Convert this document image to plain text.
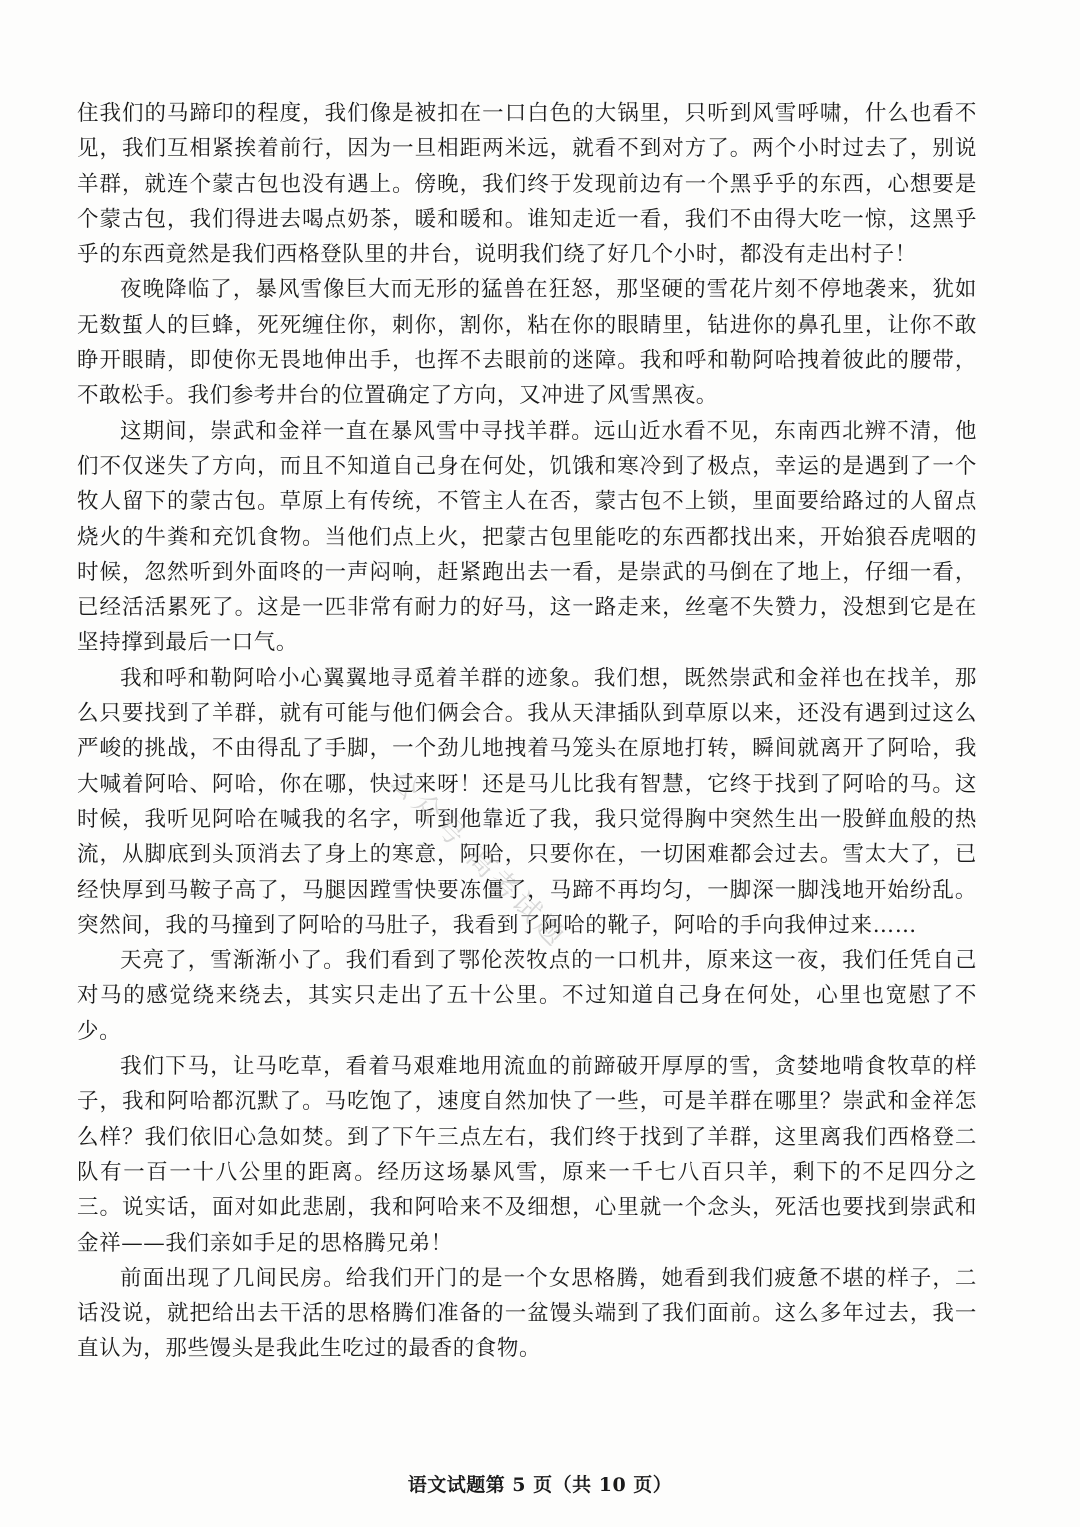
住我们的马蹄印的程度，我们像是被扣在一口白色的大锅里，只听到风雪呼啸，什么也看不见，我们互相紧挨着前行，因为一旦相距两米远，就看不到对方了。两个小时过去了，别说羊群，就连个蒙古包也没有遇上。傍晚，我们终于发现前边有一个黑乎乎的东西，心想要是个蒙古包，我们得进去喝点奶茶，暖和暖和。谁知走近一看，我们不由得大吃一惊，这黑乎乎的东西竟然是我们西格登队里的井台，说明我们绕了好几个小时，都没有走出村子！

夜晚降临了，暴风雪像巨大而无形的猛兽在狂怒，那坚硬的雪花片刻不停地袭来，犹如无数蜇人的巨蜂，死死缠住你，刺你，割你，粘在你的眼睛里，钻进你的鼻孔里，让你不敢睁开眼睛，即使你无畏地伸出手，也挥不去眼前的迷障。我和呼和勒阿哈拽着彼此的腰带，不敢松手。我们参考井台的位置确定了方向，又冲进了风雪黑夜。

这期间，崇武和金祥一直在暴风雪中寻找羊群。远山近水看不见，东南西北辨不清，他们不仅迷失了方向，而且不知道自己身在何处，饥饿和寒冷到了极点，幸运的是遇到了一个牧人留下的蒙古包。草原上有传统，不管主人在否，蒙古包不上锁，里面要给路过的人留点烧火的牛粪和充饥食物。当他们点上火，把蒙古包里能吃的东西都找出来，开始狼吞虎咽的时候，忽然听到外面咚的一声闷响，赶紧跑出去一看，是崇武的马倒在了地上，仔细一看，已经活活累死了。这是一匹非常有耐力的好马，这一路走来，丝毫不失赞力，没想到它是在坚持撑到最后一口气。

我和呼和勒阿哈小心翼翼地寻觅着羊群的迹象。我们想，既然崇武和金祥也在找羊，那么只要找到了羊群，就有可能与他们俩会合。我从天津插队到草原以来，还没有遇到过这么严峻的挑战，不由得乱了手脚，一个劲儿地拽着马笼头在原地打转，瞬间就离开了阿哈，我大喊着阿哈、阿哈，你在哪，快过来呀！还是马儿比我有智慧，它终于找到了阿哈的马。这时候，我听见阿哈在喊我的名字，听到他靠近了我，我只觉得胸中突然生出一股鲜血般的热流，从脚底到头顶消去了身上的寒意，阿哈，只要你在，一切困难都会过去。雪太大了，已经快厚到马鞍子高了，马腿因蹚雪快要冻僵了，马蹄不再均匀，一脚深一脚浅地开始纷乱。突然间，我的马撞到了阿哈的马肚子，我看到了阿哈的靴子，阿哈的手向我伸过来……

天亮了，雪渐渐小了。我们看到了鄂伦茨牧点的一口机井，原来这一夜，我们任凭自己对马的感觉绕来绕去，其实只走出了五十公里。不过知道自己身在何处，心里也宽慰了不少。

我们下马，让马吃草，看着马艰难地用流血的前蹄破开厚厚的雪，贪婪地啃食牧草的样子，我和阿哈都沉默了。马吃饱了，速度自然加快了一些，可是羊群在哪里？崇武和金祥怎么样？我们依旧心急如焚。到了下午三点左右，我们终于找到了羊群，这里离我们西格登二队有一百一十八公里的距离。经历这场暴风雪，原来一千七八百只羊，剩下的不足四分之三。说实话，面对如此悲剧，我和阿哈来不及细想，心里就一个念头，死活也要找到崇武和金祥——我们亲如手足的思格腾兄弟！

前面出现了几间民房。给我们开门的是一个女思格腾，她看到我们疲惫不堪的样子，二话没说，就把给出去干活的思格腾们准备的一盆馒头端到了我们面前。这么多年过去，我一直认为，那些馒头是我此生吃过的最香的食物。

公众号·高考试题
语文试题第 5 页（共 10 页）
